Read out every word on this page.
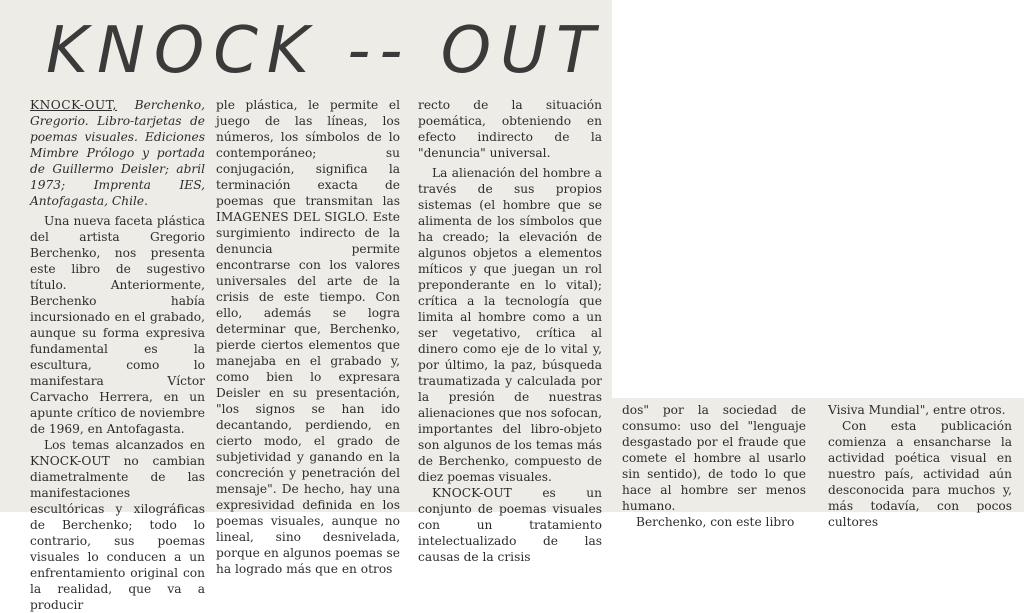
KNOCK -- OUT

KNOCK-OUT, Berchenko, Gregorio. Libro-tarjetas de poemas visuales. Ediciones Mimbre Prólogo y portada de Guillermo Deisler; abril 1973; Imprenta IES, Antofagasta, Chile.

Una nueva faceta plástica del artista Gregorio Berchenko, nos presenta este libro de sugestivo título. Anteriormente, Berchenko había incursionado en el grabado, aunque su forma expresiva fundamental es la escultura, como lo manifestara Víctor Carvacho Herrera, en un apunte crítico de noviembre de 1969, en Antofagasta.

Los temas alcanzados en KNOCK-OUT no cambian diametralmente de las manifestaciones escultóricas y xilográficas de Berchenko; todo lo contrario, sus poemas visuales lo conducen a un enfrentamiento original con la realidad, que va a producir

ple plástica, le permite el juego de las líneas, los números, los símbolos de lo contemporáneo; su conjugación, significa la terminación exacta de poemas que transmitan las IMAGENES DEL SIGLO. Este surgimiento indirecto de la denuncia permite encontrarse con los valores universales del arte de la crisis de este tiempo. Con ello, además se logra determinar que, Berchenko, pierde ciertos elementos que manejaba en el grabado y, como bien lo expresara Deisler en su presentación, "los signos se han ido decantando, perdiendo, en cierto modo, el grado de subjetividad y ganando en la concreción y penetración del mensaje". De hecho, hay una expresividad definida en los poemas visuales, aunque no lineal, sino desnivelada, porque en algunos poemas se ha logrado más que en otros

recto de la situación poemática, obteniendo en efecto indirecto de la "denuncia" universal.

La alienación del hombre a través de sus propios sistemas (el hombre que se alimenta de los símbolos que ha creado; la elevación de algunos objetos a elementos míticos y que juegan un rol preponderante en lo vital); crítica a la tecnología que limita al hombre como a un ser vegetativo, crítica al dinero como eje de lo vital y, por último, la paz, búsqueda traumatizada y calculada por la presión de nuestras alienaciones que nos sofocan, importantes del libro-objeto son algunos de los temas más de Berchenko, compuesto de diez poemas visuales.

KNOCK-OUT es un conjunto de poemas visuales con un tratamiento intelectualizado de las causas de la crisis

dos" por la sociedad de consumo: uso del "lenguaje desgastado por el fraude que comete el hombre al usarlo sin sentido), de todo lo que hace al hombre ser menos humano.

Berchenko, con este libro

Visiva Mundial", entre otros.

Con esta publicación comienza a ensancharse la actividad poética visual en nuestro país, actividad aún desconocida para muchos y, más todavía, con pocos cultores
